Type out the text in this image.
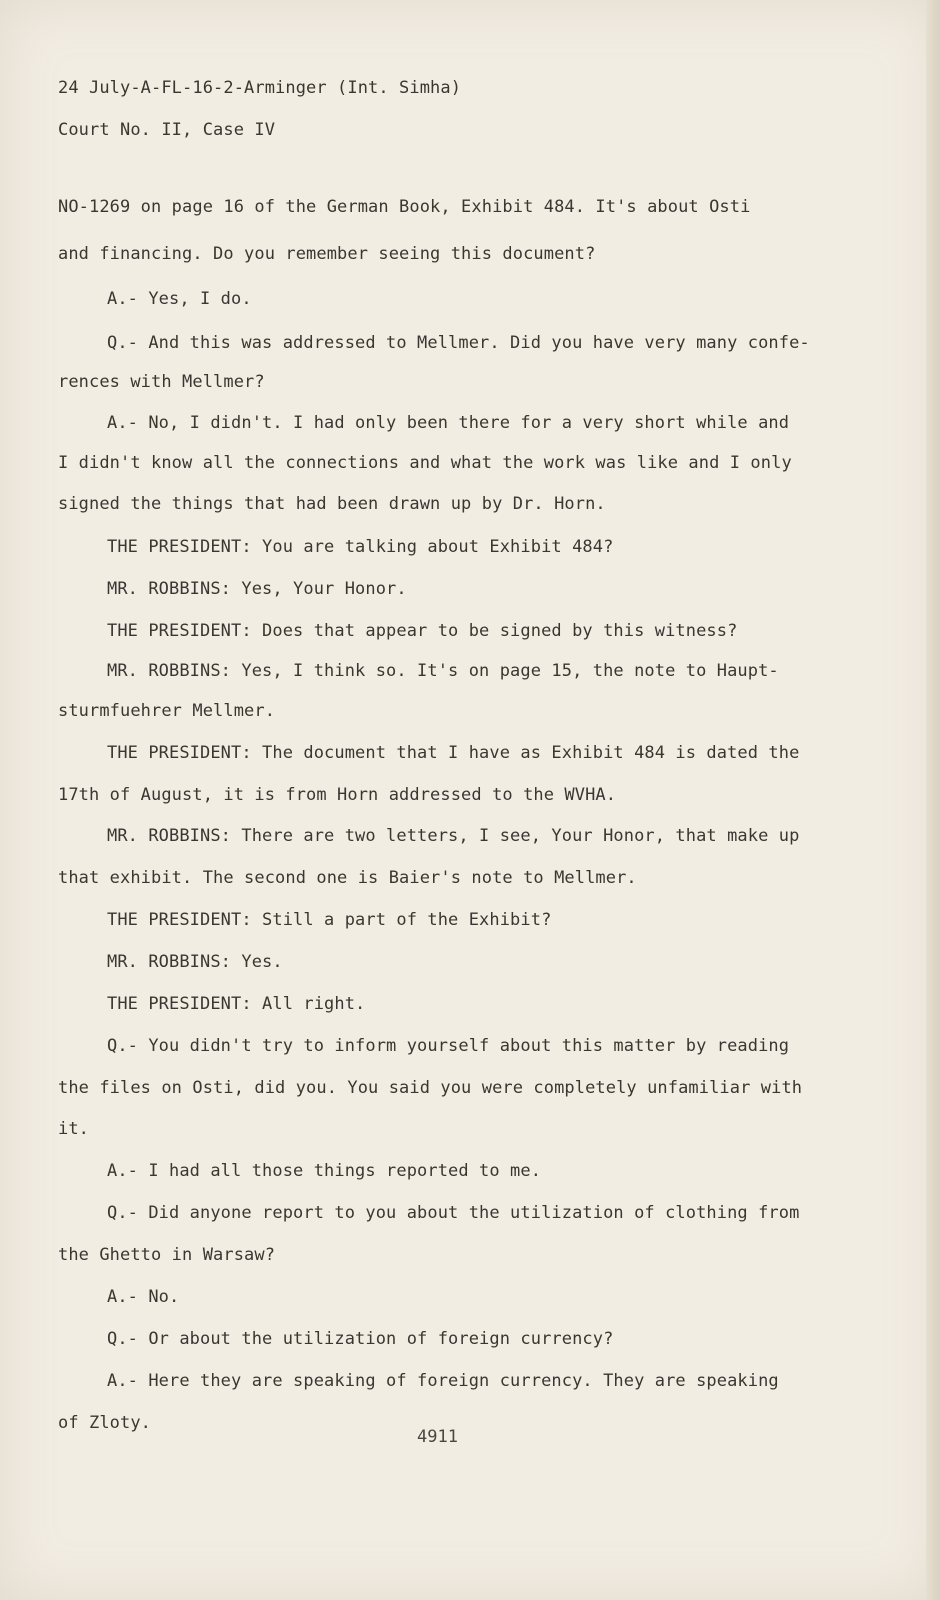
24 July-A-FL-16-2-Arminger (Int. Simha)
Court No. II, Case IV
NO-1269 on page 16 of the German Book, Exhibit 484. It's about Osti
and financing. Do you remember seeing this document?
A.- Yes, I do.
Q.- And this was addressed to Mellmer. Did you have very many confe-
rences with Mellmer?
A.- No, I didn't. I had only been there for a very short while and
I didn't know all the connections and what the work was like and I only
signed the things that had been drawn up by Dr. Horn.
THE PRESIDENT: You are talking about Exhibit 484?
MR. ROBBINS: Yes, Your Honor.
THE PRESIDENT: Does that appear to be signed by this witness?
MR. ROBBINS: Yes, I think so. It's on page 15, the note to Haupt-
sturmfuehrer Mellmer.
THE PRESIDENT: The document that I have as Exhibit 484 is dated the
17th of August, it is from Horn addressed to the WVHA.
MR. ROBBINS: There are two letters, I see, Your Honor, that make up
that exhibit. The second one is Baier's note to Mellmer.
THE PRESIDENT: Still a part of the Exhibit?
MR. ROBBINS: Yes.
THE PRESIDENT: All right.
Q.- You didn't try to inform yourself about this matter by reading
the files on Osti, did you. You said you were completely unfamiliar with
it.
A.- I had all those things reported to me.
Q.- Did anyone report to you about the utilization of clothing from
the Ghetto in Warsaw?
A.- No.
Q.- Or about the utilization of foreign currency?
A.- Here they are speaking of foreign currency. They are speaking
of Zloty.
4911
